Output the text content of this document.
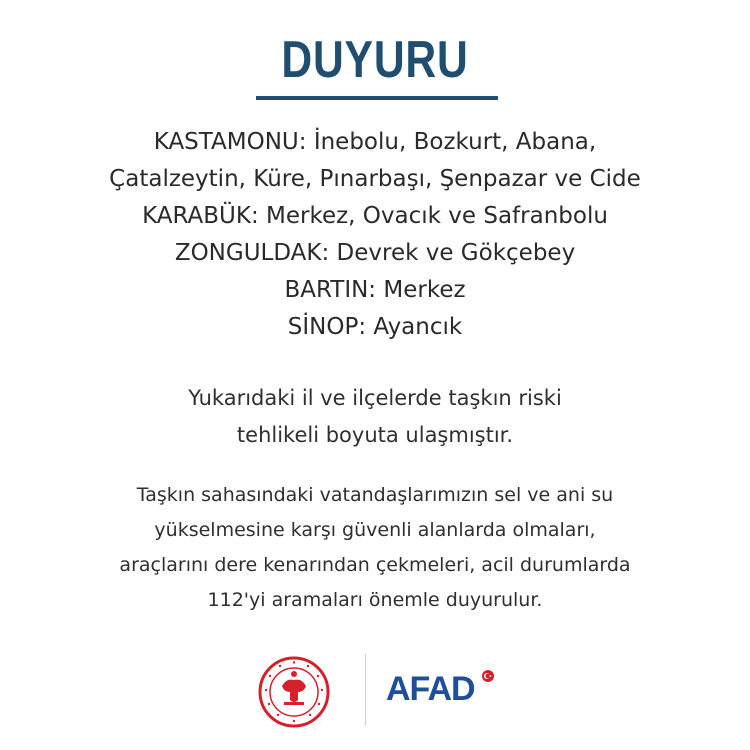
DUYURU
KASTAMONU: İnebolu, Bozkurt, Abana,
Çatalzeytin, Küre, Pınarbaşı, Şenpazar ve Cide
KARABÜK: Merkez, Ovacık ve Safranbolu
ZONGULDAK: Devrek ve Gökçebey
BARTIN: Merkez
SİNOP: Ayancık
Yukarıdaki il ve ilçelerde taşkın riski
tehlikeli boyuta ulaşmıştır.
Taşkın sahasındaki vatandaşlarımızın sel ve ani su
yükselmesine karşı güvenli alanlarda olmaları,
araçlarını dere kenarından çekmeleri, acil durumlarda
112'yi aramaları önemle duyurulur.
AFAD
